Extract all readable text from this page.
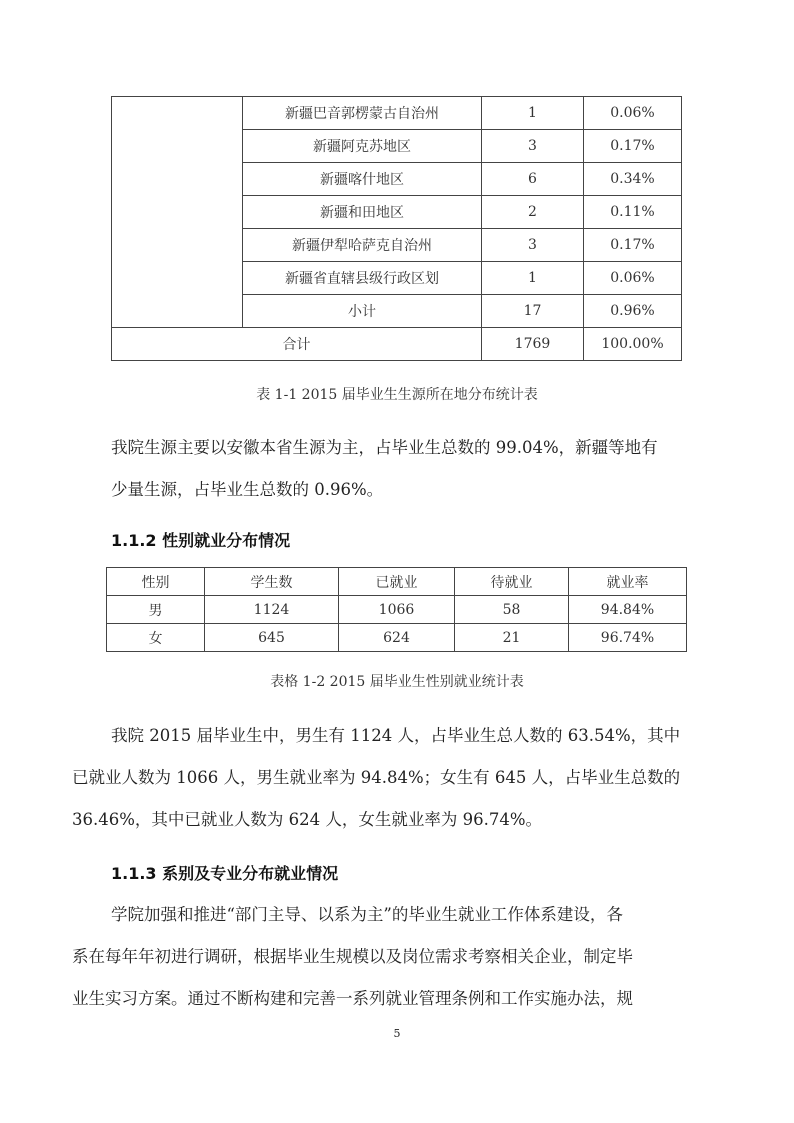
	新疆巴音郭楞蒙古自治州	1	0.06%
	新疆阿克苏地区	3	0.17%
	新疆喀什地区	6	0.34%
	新疆和田地区	2	0.11%
	新疆伊犁哈萨克自治州	3	0.17%
	新疆省直辖县级行政区划	1	0.06%
	小计	17	0.96%
合计		1769	100.00%
表 1-1 2015 届毕业生生源所在地分布统计表
我院生源主要以安徽本省生源为主，占毕业生总数的 99.04%，新疆等地有
少量生源，占毕业生总数的 0.96%。
1.1.2 性别就业分布情况
性别	学生数	已就业	待就业	就业率
男	1124	1066	58	94.84%
女	645	624	21	96.74%
表格 1-2 2015 届毕业生性别就业统计表
我院 2015 届毕业生中，男生有 1124 人，占毕业生总人数的 63.54%，其中
已就业人数为 1066 人，男生就业率为 94.84%；女生有 645 人，占毕业生总数的
36.46%，其中已就业人数为 624 人，女生就业率为 96.74%。
1.1.3 系别及专业分布就业情况
学院加强和推进“部门主导、以系为主”的毕业生就业工作体系建设，各
系在每年年初进行调研，根据毕业生规模以及岗位需求考察相关企业，制定毕
业生实习方案。通过不断构建和完善一系列就业管理条例和工作实施办法，规
5
